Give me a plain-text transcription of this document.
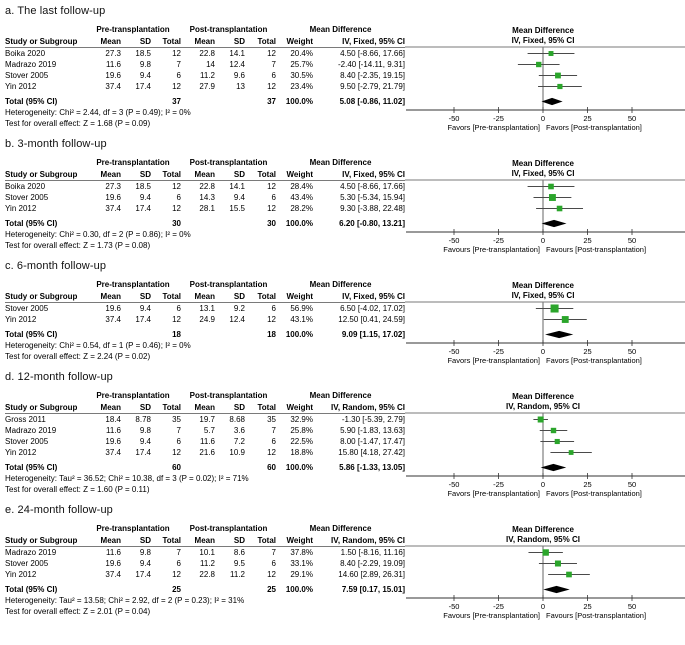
a. The last follow-up
Pre-transplantation	Post-transplantation	Mean Difference
Study or Subgroup	Mean	SD	Total	Mean	SD	Total	Weight	IV, Fixed, 95% CI
Boika 2020	27.3	18.5	12	22.8	14.1	12	20.4%	4.50 [-8.66, 17.66]
Madrazo 2019	11.6	9.8	7	14	12.4	7	25.7%	-2.40 [-14.11, 9.31]
Stover 2005	19.6	9.4	6	11.2	9.6	6	30.5%	8.40 [-2.35, 19.15]
Yin 2012	37.4	17.4	12	27.9	13	12	23.4%	9.50 [-2.79, 21.79]
Total (95% CI)	37	37	100.0%	5.08 [-0.86, 11.02]
Heterogeneity: Chi² = 2.44, df = 3 (P = 0.49); I² = 0%
Test for overall effect: Z = 1.68 (P = 0.09)
Mean Difference
IV, Fixed, 95% CI
-50	-25	0	25	50
Favors [Pre-transplantation] Favors [Post-transplantation]
b. 3-month follow-up
Pre-transplantation	Post-transplantation	Mean Difference
Study or Subgroup	Mean	SD	Total	Mean	SD	Total	Weight	IV, Fixed, 95% CI
Boika 2020	27.3	18.5	12	22.8	14.1	12	28.4%	4.50 [-8.66, 17.66]
Stover 2005	19.6	9.4	6	14.3	9.4	6	43.4%	5.30 [-5.34, 15.94]
Yin 2012	37.4	17.4	12	28.1	15.5	12	28.2%	9.30 [-3.88, 22.48]
Total (95% CI)	30	30	100.0%	6.20 [-0.80, 13.21]
Heterogeneity: Chi² = 0.30, df = 2 (P = 0.86); I² = 0%
Test for overall effect: Z = 1.73 (P = 0.08)
Mean Difference
IV, Fixed, 95% CI
-50	-25	0	25	50
Favours [Pre-transplantation] Favours [Post-transplantation]
c. 6-month follow-up
Pre-transplantation	Post-transplantation	Mean Difference
Study or Subgroup	Mean	SD	Total	Mean	SD	Total	Weight	IV, Fixed, 95% CI
Stover 2005	19.6	9.4	6	13.1	9.2	6	56.9%	6.50 [-4.02, 17.02]
Yin 2012	37.4	17.4	12	24.9	12.4	12	43.1%	12.50 [0.41, 24.59]
Total (95% CI)	18	18	100.0%	9.09 [1.15, 17.02]
Heterogeneity: Chi² = 0.54, df = 1 (P = 0.46); I² = 0%
Test for overall effect: Z = 2.24 (P = 0.02)
Mean Difference
IV, Fixed, 95% CI
-50	-25	0	25	50
Favors [Pre-transplantation] Favors [Post-transplantation]
d. 12-month follow-up
Pre-transplantation	Post-transplantation	Mean Difference
Study or Subgroup	Mean	SD	Total	Mean	SD	Total	Weight	IV, Random, 95% CI
Gross 2011	18.4	8.78	35	19.7	8.68	35	32.9%	-1.30 [-5.39, 2.79]
Madrazo 2019	11.6	9.8	7	5.7	3.6	7	25.8%	5.90 [-1.83, 13.63]
Stover 2005	19.6	9.4	6	11.6	7.2	6	22.5%	8.00 [-1.47, 17.47]
Yin 2012	37.4	17.4	12	21.6	10.9	12	18.8%	15.80 [4.18, 27.42]
Total (95% CI)	60	60	100.0%	5.86 [-1.33, 13.05]
Heterogeneity: Tau² = 36.52; Chi² = 10.38, df = 3 (P = 0.02); I² = 71%
Test for overall effect: Z = 1.60 (P = 0.11)
Mean Difference
IV, Random, 95% CI
-50	-25	0	25	50
Favors [Pre-transplantation] Favors [Post-transplantation]
e. 24-month follow-up
Pre-transplantation	Post-transplantation	Mean Difference
Study or Subgroup	Mean	SD	Total	Mean	SD	Total	Weight	IV, Random, 95% CI
Madrazo 2019	11.6	9.8	7	10.1	8.6	7	37.8%	1.50 [-8.16, 11.16]
Stover 2005	19.6	9.4	6	11.2	9.5	6	33.1%	8.40 [-2.29, 19.09]
Yin 2012	37.4	17.4	12	22.8	11.2	12	29.1%	14.60 [2.89, 26.31]
Total (95% CI)	25	25	100.0%	7.59 [0.17, 15.01]
Heterogeneity: Tau² = 13.58; Chi² = 2.92, df = 2 (P = 0.23); I² = 31%
Test for overall effect: Z = 2.01 (P = 0.04)
Mean Difference
IV, Random, 95% CI
-50	-25	0	25	50
Favours [Pre-transplantation] Favours [Post-transplantation]
